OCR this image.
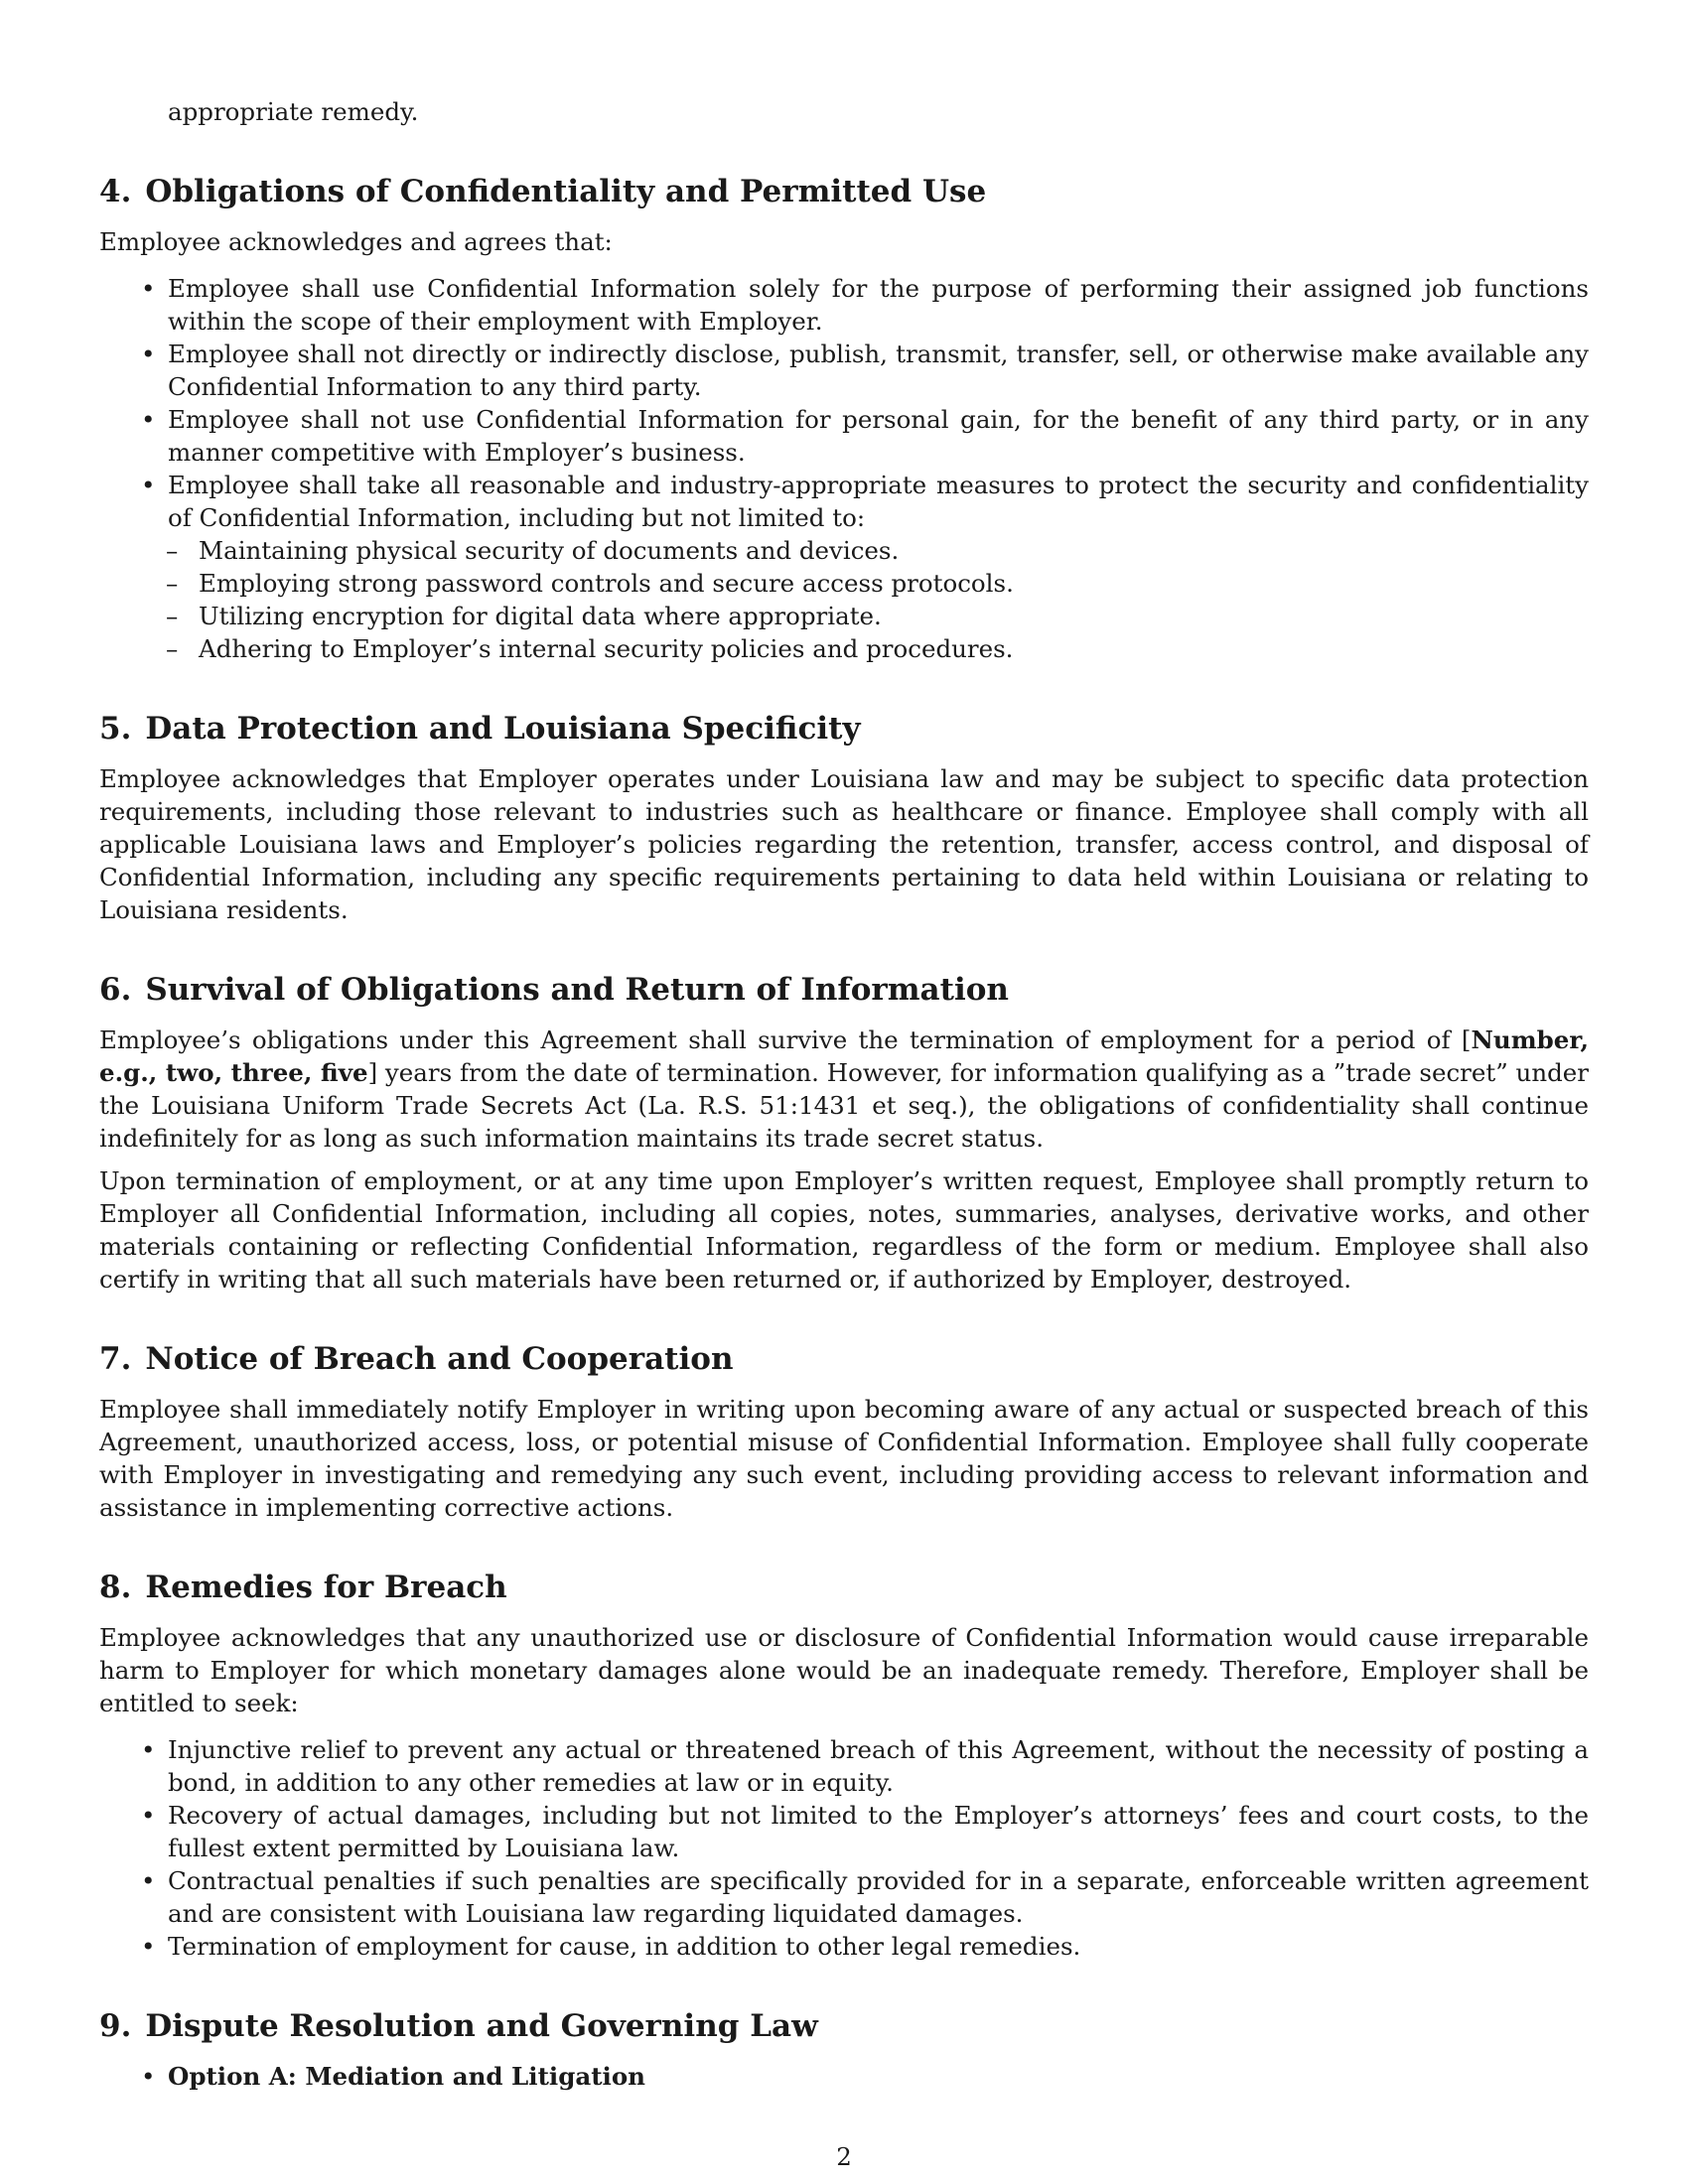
appropriate remedy.
4. Obligations of Confidentiality and Permitted Use

Employee acknowledges and agrees that:

• Employee shall use Confidential Information solely for the purpose of performing their assigned job functions within the scope of their employment with Employer.
• Employee shall not directly or indirectly disclose, publish, transmit, transfer, sell, or otherwise make available any Confidential Information to any third party.
• Employee shall not use Confidential Information for personal gain, for the benefit of any third party, or in any manner competitive with Employer’s business.
• Employee shall take all reasonable and industry-appropriate measures to protect the security and confidentiality of Confidential Information, including but not limited to:
– Maintaining physical security of documents and devices.
– Employing strong password controls and secure access protocols.
– Utilizing encryption for digital data where appropriate.
– Adhering to Employer’s internal security policies and procedures.
5. Data Protection and Louisiana Specificity

Employee acknowledges that Employer operates under Louisiana law and may be subject to specific data protection requirements, including those relevant to industries such as healthcare or finance. Employee shall comply with all applicable Louisiana laws and Employer’s policies regarding the retention, transfer, access control, and disposal of Confidential Information, including any specific requirements pertaining to data held within Louisiana or relating to Louisiana residents.

6. Survival of Obligations and Return of Information

Employee’s obligations under this Agreement shall survive the termination of employment for a period of [Number, e.g., two, three, five] years from the date of termination. However, for information qualifying as a ”trade secret” under the Louisiana Uniform Trade Secrets Act (La. R.S. 51:1431 et seq.), the obligations of confidentiality shall continue indefinitely for as long as such information maintains its trade secret status.

Upon termination of employment, or at any time upon Employer’s written request, Employee shall promptly return to Employer all Confidential Information, including all copies, notes, summaries, analyses, derivative works, and other materials containing or reflecting Confidential Information, regardless of the form or medium. Employee shall also certify in writing that all such materials have been returned or, if authorized by Employer, destroyed.

7. Notice of Breach and Cooperation

Employee shall immediately notify Employer in writing upon becoming aware of any actual or suspected breach of this Agreement, unauthorized access, loss, or potential misuse of Confidential Information. Employee shall fully cooperate with Employer in investigating and remedying any such event, including providing access to relevant information and assistance in implementing corrective actions.

8. Remedies for Breach

Employee acknowledges that any unauthorized use or disclosure of Confidential Information would cause irreparable harm to Employer for which monetary damages alone would be an inadequate remedy. Therefore, Employer shall be entitled to seek:

• Injunctive relief to prevent any actual or threatened breach of this Agreement, without the necessity of posting a bond, in addition to any other remedies at law or in equity.
• Recovery of actual damages, including but not limited to the Employer’s attorneys’ fees and court costs, to the fullest extent permitted by Louisiana law.
• Contractual penalties if such penalties are specifically provided for in a separate, enforceable written agreement and are consistent with Louisiana law regarding liquidated damages.
• Termination of employment for cause, in addition to other legal remedies.
9. Dispute Resolution and Governing Law
• Option A: Mediation and Litigation
2
